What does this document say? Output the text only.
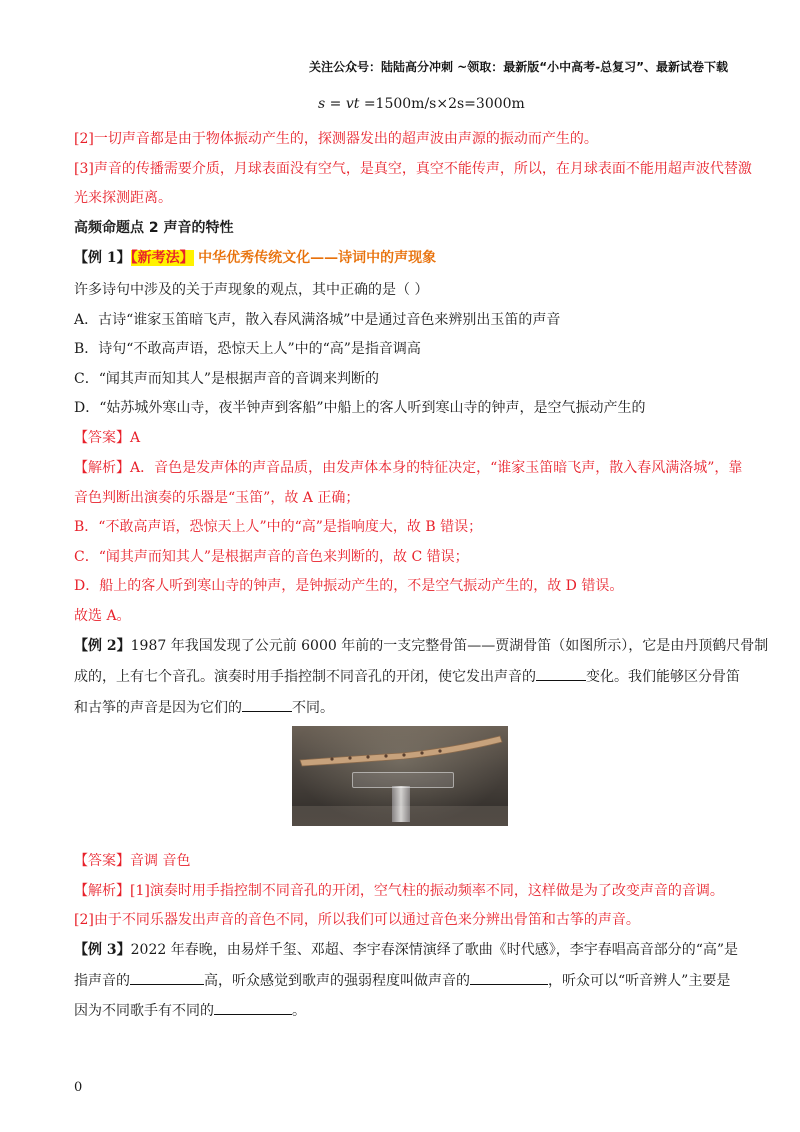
关注公众号：陆陆高分冲刺 ~领取：最新版“小中高考-总复习”、最新试卷下载
s = vt =1500m/s×2s=3000m
[2]一切声音都是由于物体振动产生的，探测器发出的超声波由声源的振动而产生的。
[3]声音的传播需要介质，月球表面没有空气，是真空，真空不能传声，所以，在月球表面不能用超声波代替激
光来探测距离。
高频命题点 2 声音的特性
【例 1】【新考法】 中华优秀传统文化——诗词中的声现象
许多诗句中涉及的关于声现象的观点，其中正确的是（ ）
A．古诗“谁家玉笛暗飞声，散入春风满洛城”中是通过音色来辨别出玉笛的声音
B．诗句“不敢高声语，恐惊天上人”中的“高”是指音调高
C．“闻其声而知其人”是根据声音的音调来判断的
D．“姑苏城外寒山寺，夜半钟声到客船”中船上的客人听到寒山寺的钟声，是空气振动产生的
【答案】A
【解析】A．音色是发声体的声音品质，由发声体本身的特征决定，“谁家玉笛暗飞声，散入春风满洛城”，靠
音色判断出演奏的乐器是“玉笛”，故 A 正确；
B．“不敢高声语，恐惊天上人”中的“高”是指响度大，故 B 错误；
C．“闻其声而知其人”是根据声音的音色来判断的，故 C 错误；
D．船上的客人听到寒山寺的钟声，是钟振动产生的，不是空气振动产生的，故 D 错误。
故选 A。
【例 2】1987 年我国发现了公元前 6000 年前的一支完整骨笛——贾湖骨笛（如图所示），它是由丹顶鹤尺骨制
成的，上有七个音孔。演奏时用手指控制不同音孔的开闭，使它发出声音的	变化。我们能够区分骨笛
和古筝的声音是因为它们的	不同。
【答案】音调 音色
【解析】[1]演奏时用手指控制不同音孔的开闭，空气柱的振动频率不同，这样做是为了改变声音的音调。
[2]由于不同乐器发出声音的音色不同，所以我们可以通过音色来分辨出骨笛和古筝的声音。
【例 3】2022 年春晚，由易烊千玺、邓超、李宇春深情演绎了歌曲《时代感》，李宇春唱高音部分的“高”是
指声音的	高，听众感觉到歌声的强弱程度叫做声音的	，听众可以“听音辨人”主要是
因为不同歌手有不同的	。
0
